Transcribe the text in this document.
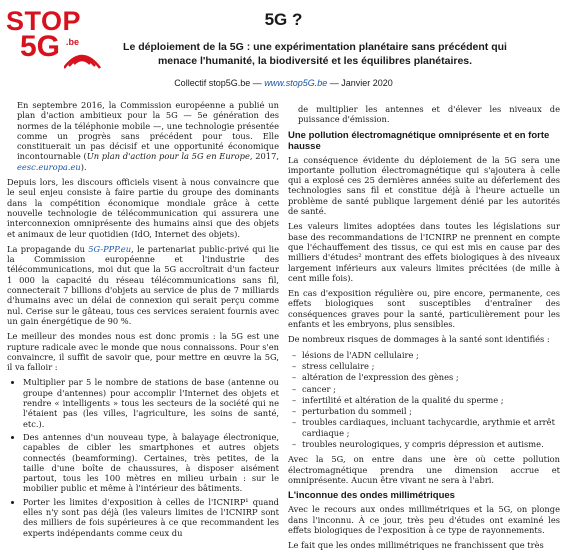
STOP
5G .be
5G ?
Le déploiement de la 5G : une expérimentation planétaire sans précédent qui menace l'humanité, la biodiversité et les équilibres planétaires.
Collectif stop5G.be — www.stop5G.be — Janvier 2020

En septembre 2016, la Commission européenne a publié un plan d'action ambitieux pour la 5G — 5e génération des normes de la téléphonie mobile —, une technologie présentée comme un progrès sans précédent pour tous. Elle constituerait un pas décisif et une opportunité économique incontournable (Un plan d'action pour la 5G en Europe, 2017, eesc.europa.eu).

Depuis lors, les discours officiels visent à nous convaincre que le seul enjeu consiste à faire partie du groupe des dominants dans la compétition économique mondiale grâce à cette nouvelle technologie de télécommunication qui assurera une interconnexion omniprésente des humains ainsi que des objets et animaux de leur quotidien (IdO, Internet des objets).

La propagande du 5G-PPP.eu, le partenariat public-privé qui lie la Commission européenne et l'industrie des télécommunications, moi dut que la 5G accroîtrait d'un facteur 1 000 la capacité du réseau télécommunications sans fil, connecterait 7 billions d'objets au service de plus de 7 milliards d'humains avec un délai de connexion qui serait perçu comme nul. Cerise sur le gâteau, tous ces services seraient fournis avec un gain énergétique de 90 %.

Le meilleur des mondes nous est donc promis : la 5G est une rupture radicale avec le monde que nous connaissons. Pour s'en convaincre, il suffit de savoir que, pour mettre en œuvre la 5G, il va falloir :

• Multiplier par 5 le nombre de stations de base (antenne ou groupe d'antennes) pour accomplir l'Internet des objets et rendre « intelligents » tous les secteurs de la société qui ne l'étaient pas (les villes, l'agriculture, les soins de santé, etc.).
• Des antennes d'un nouveau type, à balayage électronique, capables de cibler les smartphones et autres objets connectés (beamforming). Certaines, très petites, de la taille d'une boîte de chaussures, à disposer aisément partout, tous les 100 mètres en milieu urbain : sur le mobilier public et même à l'intérieur des bâtiments.
• Porter les limites d'exposition à celles de l'ICNIRP¹ quand elles n'y sont pas déjà (les valeurs limites de l'ICNIRP sont des milliers de fois supérieures à ce que recommandent les experts indépendants comme ceux du

de multiplier les antennes et d'élever les niveaux de puissance d'émission.

Une pollution électromagnétique omniprésente et en forte hausse

La conséquence évidente du déploiement de la 5G sera une importante pollution électromagnétique qui s'ajoutera à celle qui a explosé ces 25 dernières années suite au déferlement des technologies sans fil et constitue déjà à l'heure actuelle un problème de santé publique largement dénié par les autorités de santé.

Les valeurs limites adoptées dans toutes les législations sur base des recommandations de l'ICNIRP ne prennent en compte que l'échauffement des tissus, ce qui est mis en cause par des milliers d'études² montrant des effets biologiques à des niveaux largement inférieurs aux valeurs limites précitées (de mille à cent mille fois).

En cas d'exposition régulière ou, pire encore, permanente, ces effets biologiques sont susceptibles d'entraîner des conséquences graves pour la santé, particulièrement pour les enfants et les embryons, plus sensibles.

De nombreux risques de dommages à la santé sont identifiés :

– lésions de l'ADN cellulaire ;
– stress cellulaire ;
– altération de l'expression des gènes ;
– cancer ;
– infertilité et altération de la qualité du sperme ;
– perturbation du sommeil ;
– troubles cardiaques, incluant tachycardie, arythmie et arrêt cardiaque ;
– troubles neurologiques, y compris dépression et autisme.

Avec la 5G, on entre dans une ère où cette pollution électromagnétique prendra une dimension accrue et omniprésente. Aucun être vivant ne sera à l'abri.

L'inconnue des ondes millimétriques

Avec le recours aux ondes millimétriques et la 5G, on plonge dans l'inconnu. À ce jour, très peu d'études ont examiné les effets biologiques de l'exposition à ce type de rayonnements.

Le fait que les ondes millimétriques ne franchissent que très
